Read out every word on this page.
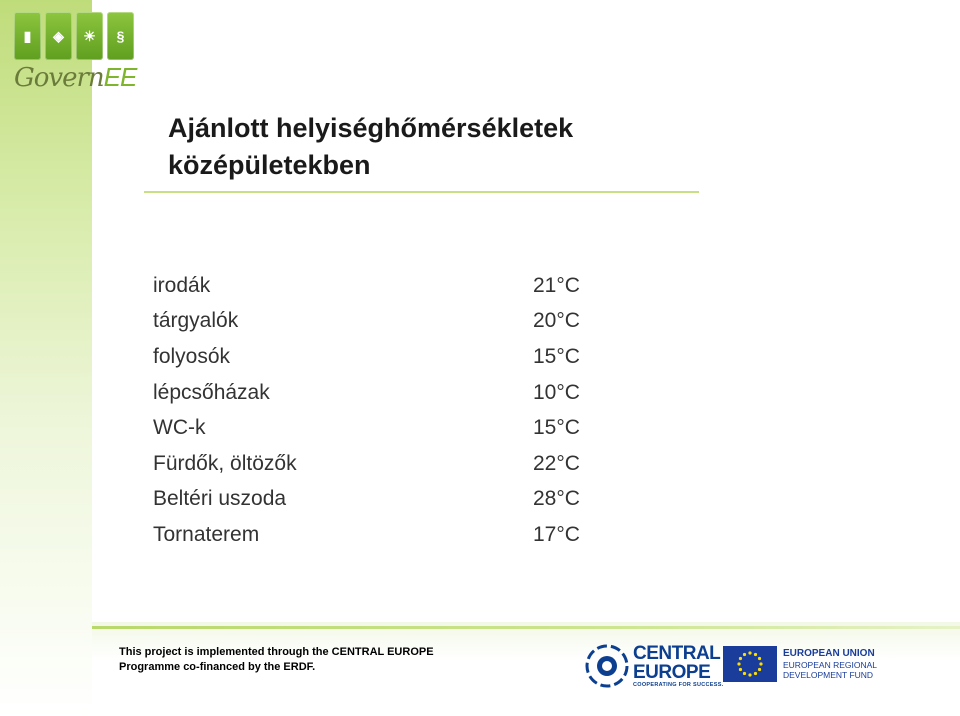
▮	◈	☀	§
GovernEE
Ajánlott helyiséghőmérsékletek középületekben
irodák	21°C
tárgyalók	20°C
folyosók	15°C
lépcsőházak	10°C
WC-k	15°C
Fürdők, öltözők	22°C
Beltéri uszoda	28°C
Tornaterem	17°C
This project is implemented through the CENTRAL EUROPE
Programme co-financed by the ERDF.
CENTRAL
EUROPE
COOPERATING FOR SUCCESS.
EUROPEAN UNION
EUROPEAN REGIONAL
DEVELOPMENT FUND
